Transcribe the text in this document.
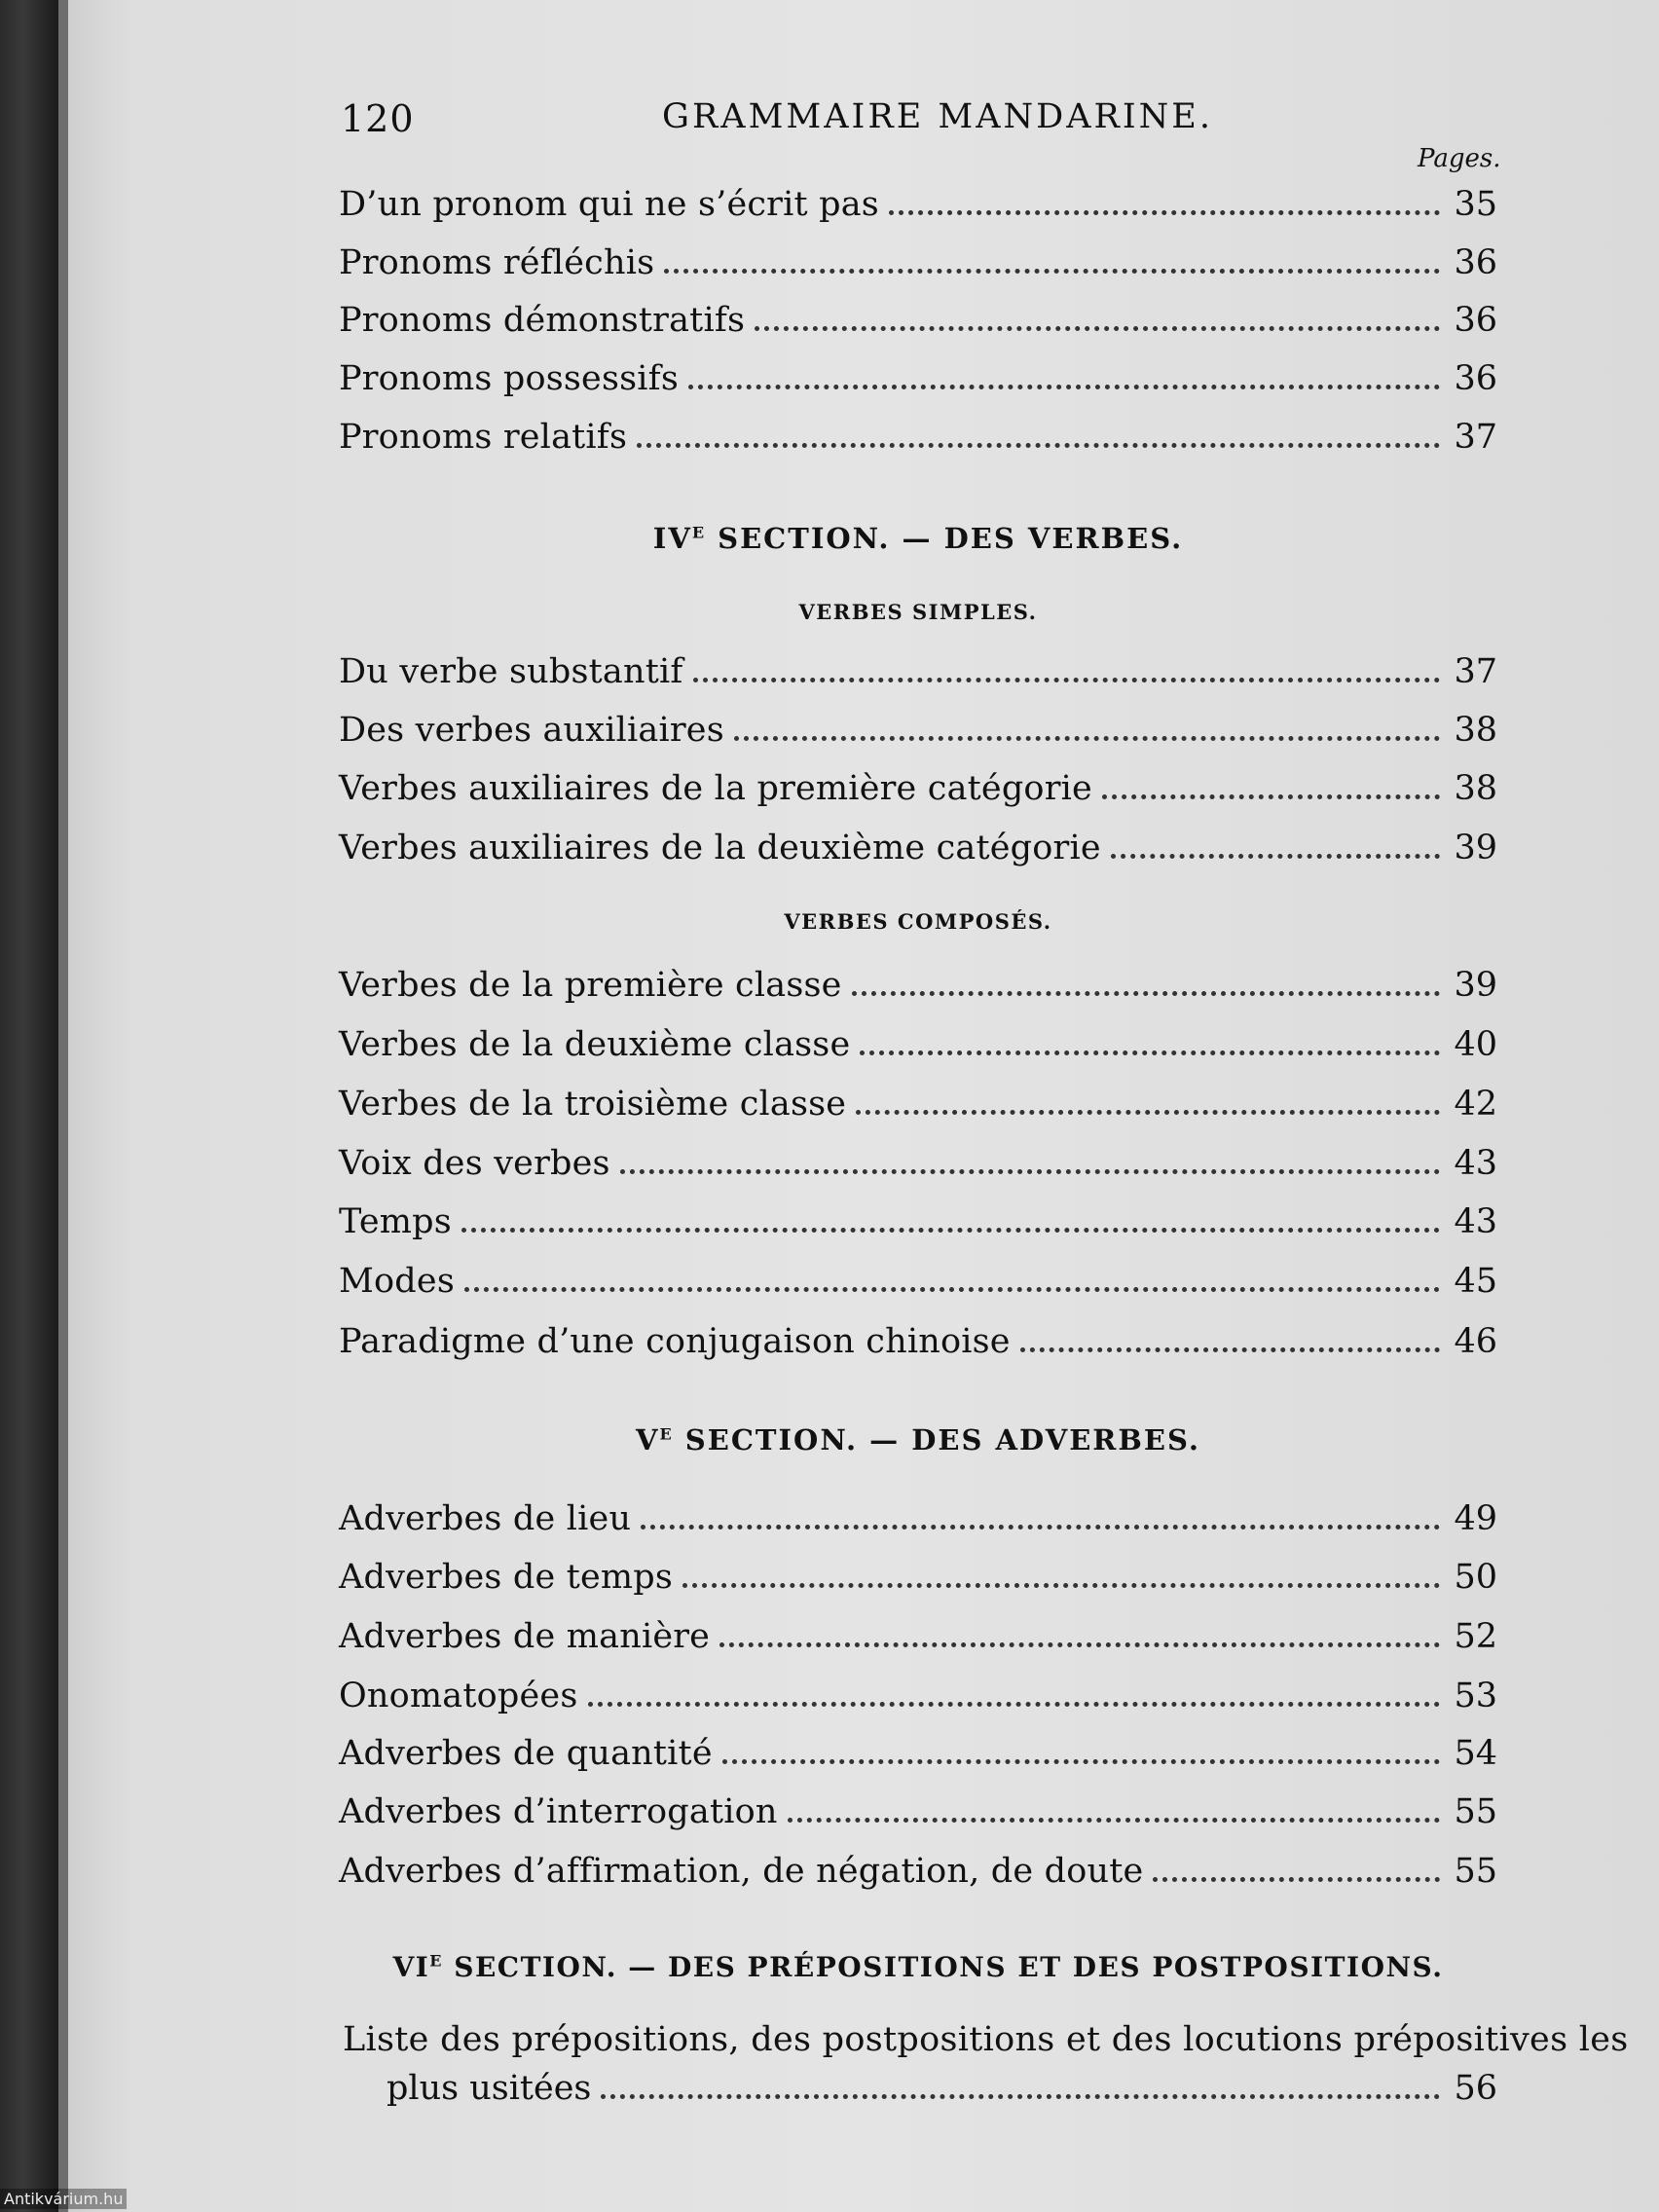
120	GRAMMAIRE MANDARINE.
Pages.
D’un pronom qui ne s’écrit pas	35
Pronoms réfléchis	36
Pronoms démonstratifs	36
Pronoms possessifs	36
Pronoms relatifs	37
$IV^E$ SECTION. — DES VERBES.
VERBES SIMPLES.
Du verbe substantif	37
Des verbes auxiliaires	38
Verbes auxiliaires de la première catégorie	38
Verbes auxiliaires de la deuxième catégorie	39
VERBES COMPOSÉS.
Verbes de la première classe	39
Verbes de la deuxième classe	40
Verbes de la troisième classe	42
Voix des verbes	43
Temps	43
Modes	45
Paradigme d’une conjugaison chinoise	46
$V^E$ SECTION. — DES ADVERBES.
Adverbes de lieu	49
Adverbes de temps	50
Adverbes de manière	52
Onomatopées	53
Adverbes de quantité	54
Adverbes d’interrogation	55
Adverbes d’affirmation, de négation, de doute	55
$VI^E$ SECTION. — DES PRÉPOSITIONS ET DES POSTPOSITIONS.
Liste des prépositions, des postpositions et des locutions prépositives les
plus usitées	56
Antikvárium.hu
